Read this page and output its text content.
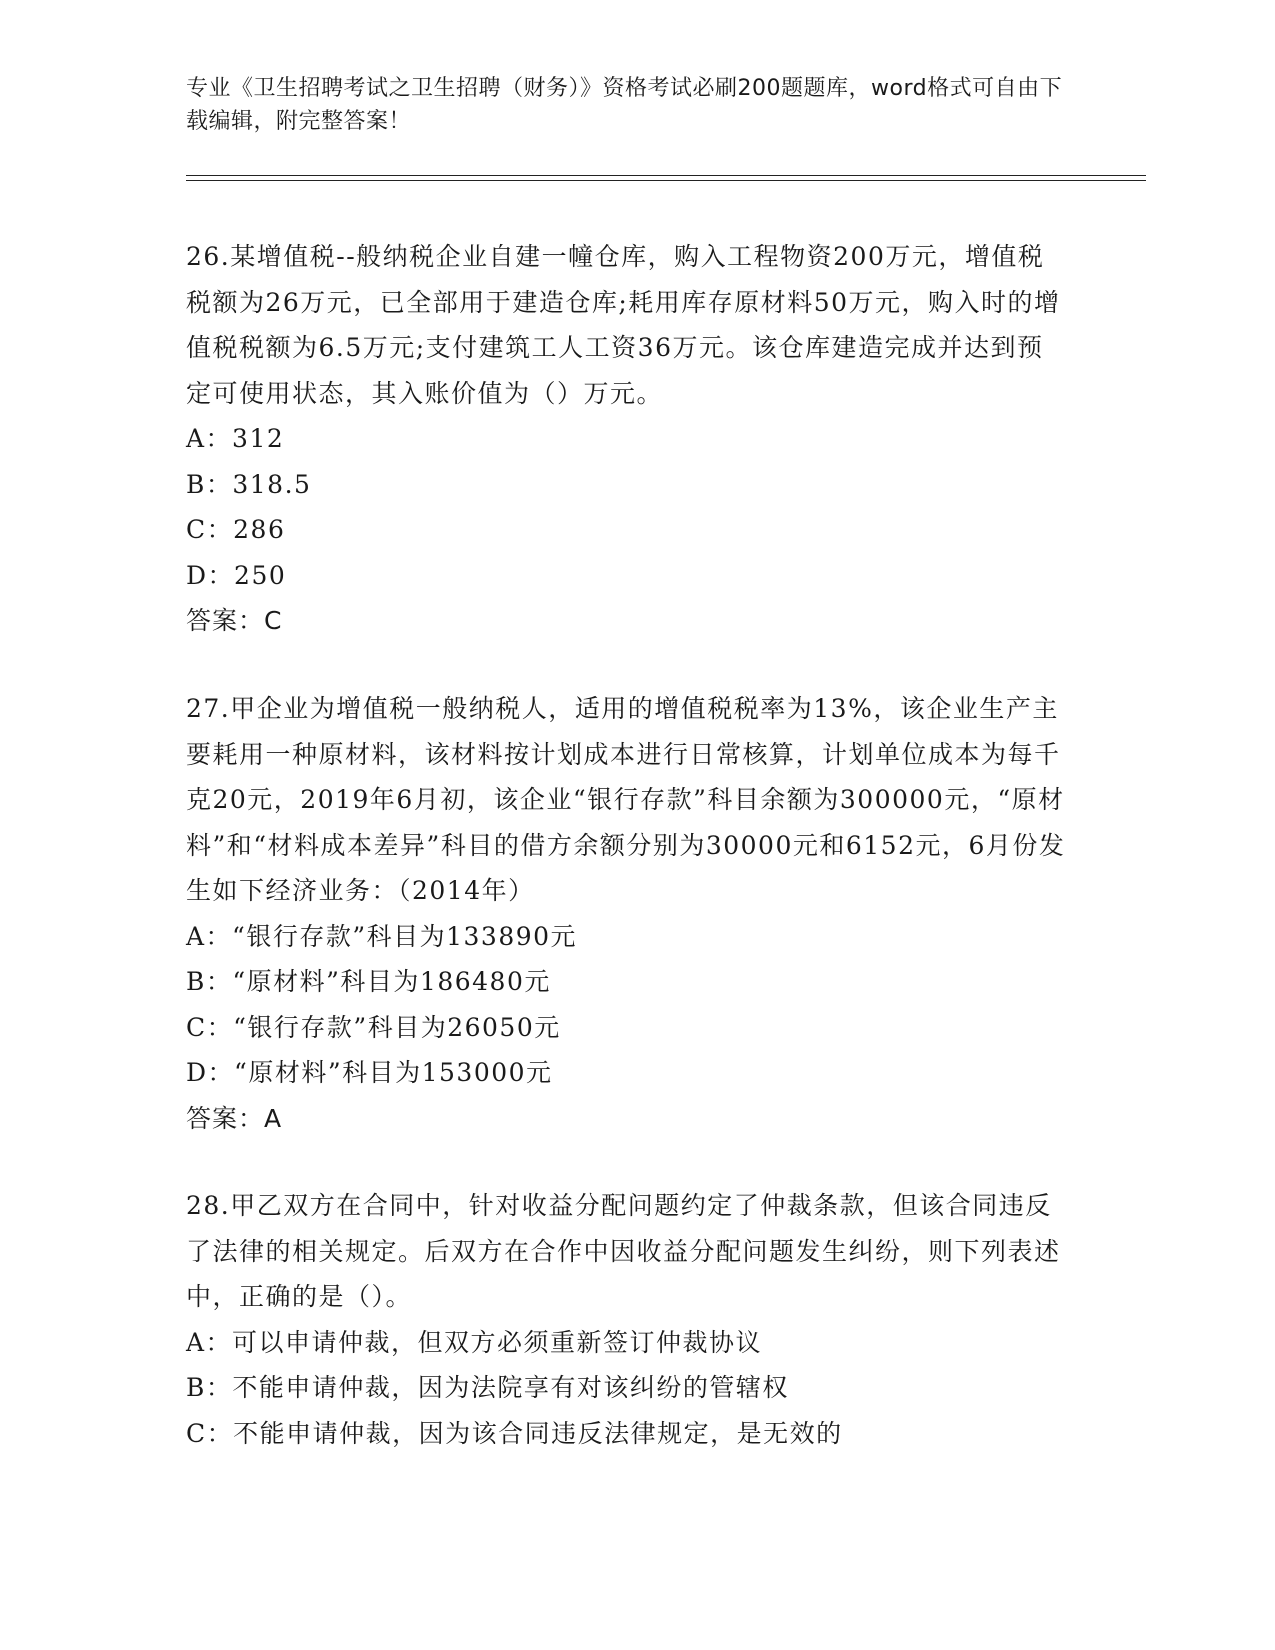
专业《卫生招聘考试之卫生招聘（财务）》资格考试必刷200题题库，word格式可自由下载编辑，附完整答案！

26.某增值税--般纳税企业自建一幢仓库，购入工程物资200万元，增值税税额为26万元，已全部用于建造仓库;耗用库存原材料50万元，购入时的增值税税额为6.5万元;支付建筑工人工资36万元。该仓库建造完成并达到预定可使用状态，其入账价值为（）万元。

A：312

B：318.5

C：286

D：250

答案：C

27.甲企业为增值税一般纳税人，适用的增值税税率为13%，该企业生产主要耗用一种原材料，该材料按计划成本进行日常核算，计划单位成本为每千克20元，2019年6月初，该企业“银行存款”科目余额为300000元，“原材料”和“材料成本差异”科目的借方余额分别为30000元和6152元，6月份发生如下经济业务：（2014年）

A：“银行存款”科目为133890元

B：“原材料”科目为186480元

C：“银行存款”科目为26050元

D：“原材料”科目为153000元

答案：A

28.甲乙双方在合同中，针对收益分配问题约定了仲裁条款，但该合同违反了法律的相关规定。后双方在合作中因收益分配问题发生纠纷，则下列表述中，正确的是（）。

A：可以申请仲裁，但双方必须重新签订仲裁协议

B：不能申请仲裁，因为法院享有对该纠纷的管辖权

C：不能申请仲裁，因为该合同违反法律规定，是无效的
